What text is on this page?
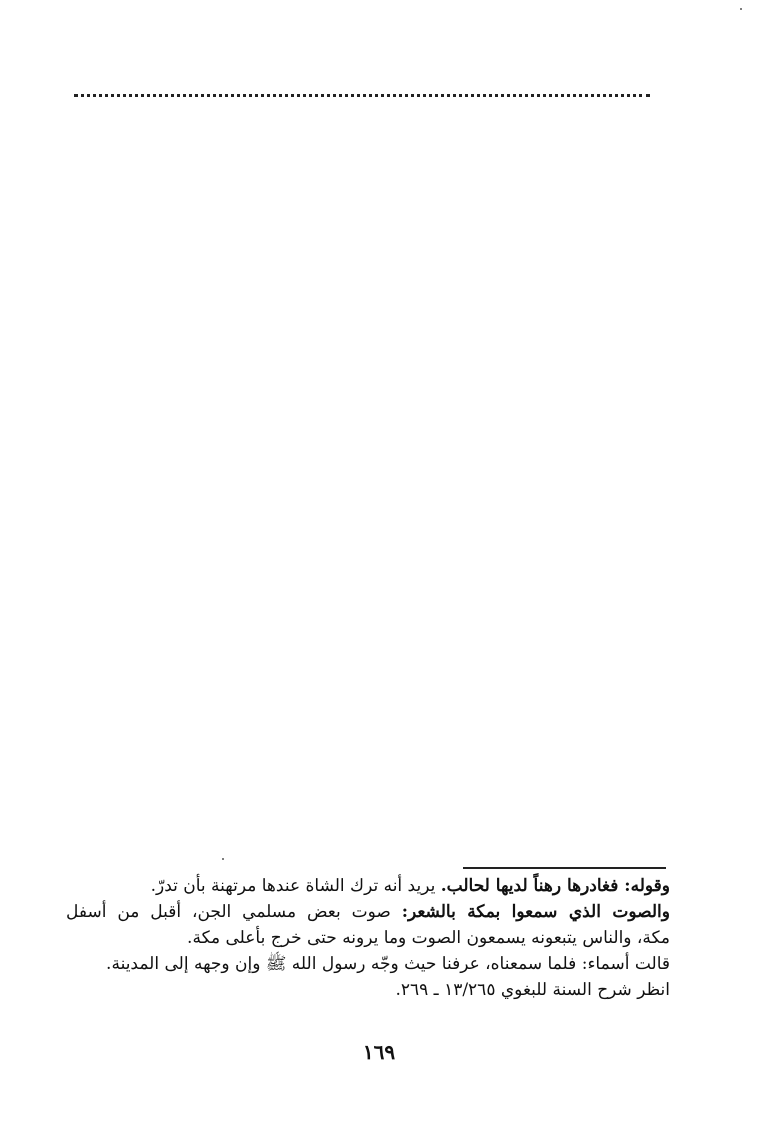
وقوله: فغادرها رهناً لديها لحالب. يريد أنه ترك الشاة عندها مرتهنة بأن تدرّ.
والصوت الذي سمعوا بمكة بالشعر: صوت بعض مسلمي الجن، أقبل من أسفل
مكة، والناس يتبعونه يسمعون الصوت وما يرونه حتى خرج بأعلى مكة.
قالت أسماء: فلما سمعناه، عرفنا حيث وجّه رسول الله ﷺ وإن وجهه إلى المدينة.
انظر شرح السنة للبغوي ١٣/٢٦٥ ـ ٢٦٩.
١٦٩
